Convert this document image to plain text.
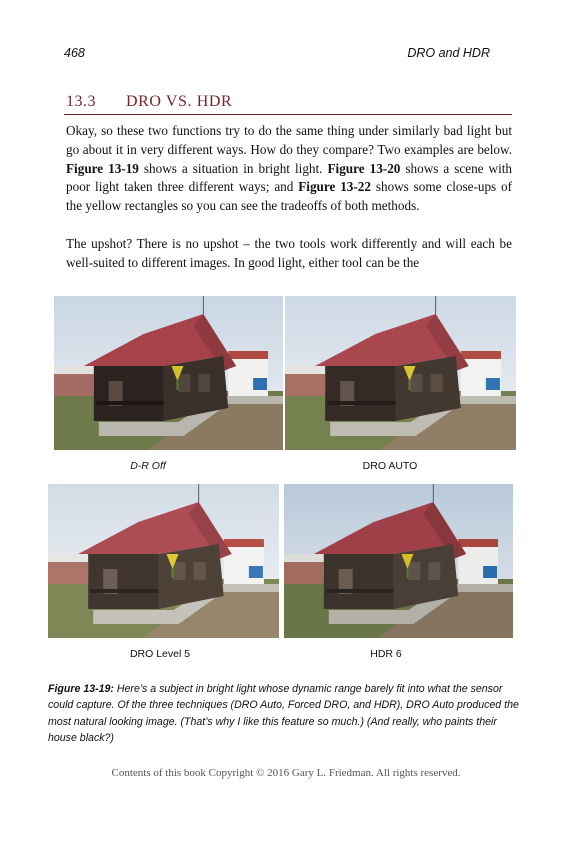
468	DRO and HDR
13.3 DRO VS. HDR
Okay, so these two functions try to do the same thing under similarly bad light but go about it in very different ways. How do they compare? Two examples are below. Figure 13-19 shows a situation in bright light. Figure 13-20 shows a scene with poor light taken three different ways; and Figure 13-22 shows some close-ups of the yellow rectangles so you can see the tradeoffs of both methods.
The upshot? There is no upshot – the two tools work differently and will each be well-suited to different images. In good light, either tool can be the
D-R Off	DRO AUTO
DRO Level 5	HDR 6
Figure 13-19: Here’s a subject in bright light whose dynamic range barely fit into what the sensor could capture. Of the three techniques (DRO Auto, Forced DRO, and HDR), DRO Auto produced the most natural looking image. (That’s why I like this feature so much.) (And really, who paints their house black?)
Contents of this book Copyright © 2016 Gary L. Friedman. All rights reserved.
